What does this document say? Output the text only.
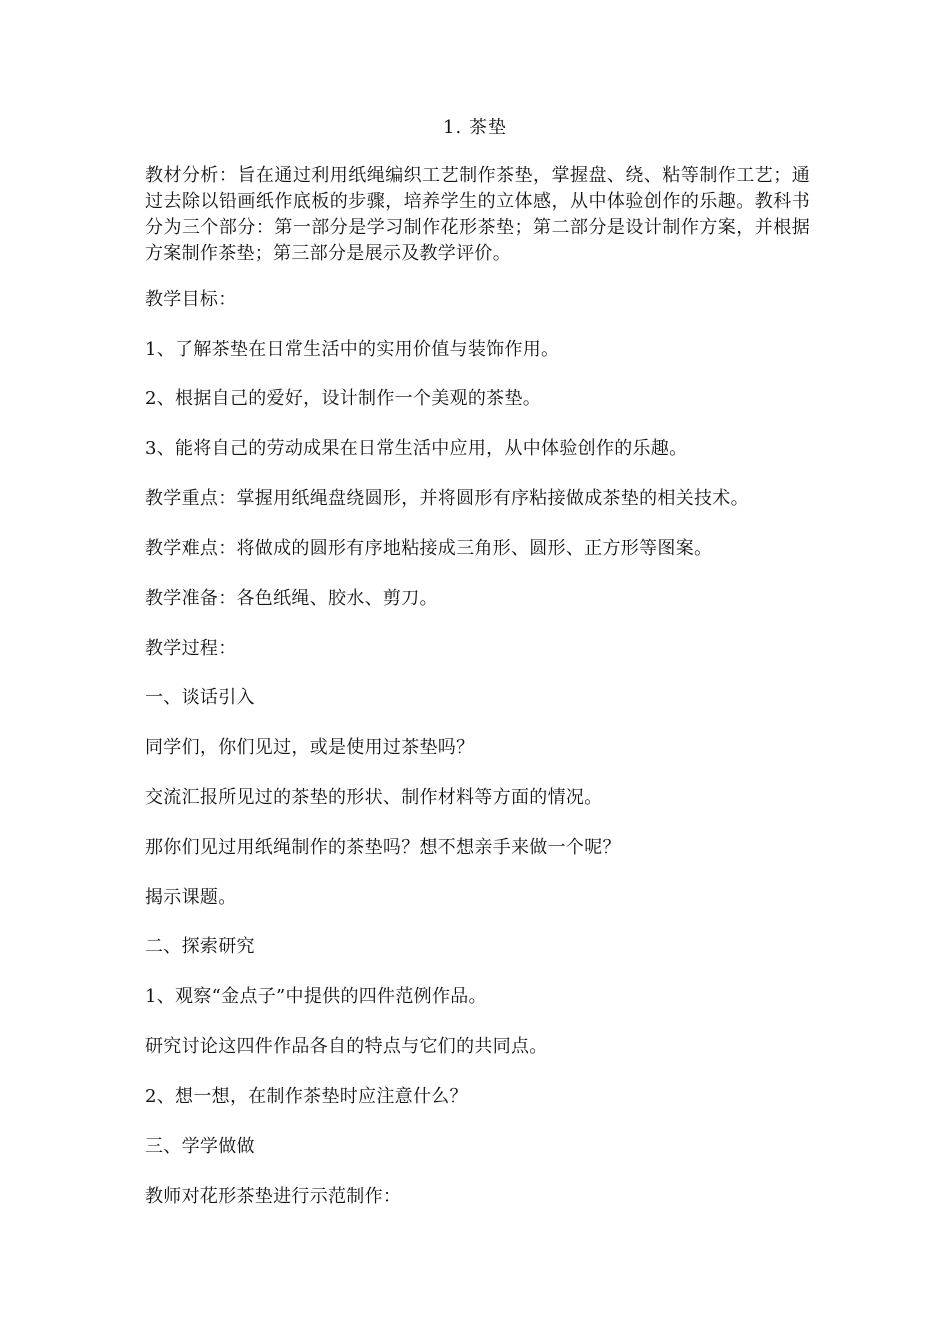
1. 茶垫
教材分析：旨在通过利用纸绳编织工艺制作茶垫，掌握盘、绕、粘等制作工艺；通过去除以铅画纸作底板的步骤，培养学生的立体感，从中体验创作的乐趣。教科书分为三个部分：第一部分是学习制作花形茶垫；第二部分是设计制作方案，并根据方案制作茶垫；第三部分是展示及教学评价。
教学目标：
1、了解茶垫在日常生活中的实用价值与装饰作用。
2、根据自己的爱好，设计制作一个美观的茶垫。
3、能将自己的劳动成果在日常生活中应用，从中体验创作的乐趣。
教学重点：掌握用纸绳盘绕圆形，并将圆形有序粘接做成茶垫的相关技术。
教学难点：将做成的圆形有序地粘接成三角形、圆形、正方形等图案。
教学准备：各色纸绳、胶水、剪刀。
教学过程：
一、谈话引入
同学们，你们见过，或是使用过茶垫吗？
交流汇报所见过的茶垫的形状、制作材料等方面的情况。
那你们见过用纸绳制作的茶垫吗？想不想亲手来做一个呢？
揭示课题。
二、探索研究
1、观察“金点子”中提供的四件范例作品。
研究讨论这四件作品各自的特点与它们的共同点。
2、想一想，在制作茶垫时应注意什么？
三、学学做做
教师对花形茶垫进行示范制作：
